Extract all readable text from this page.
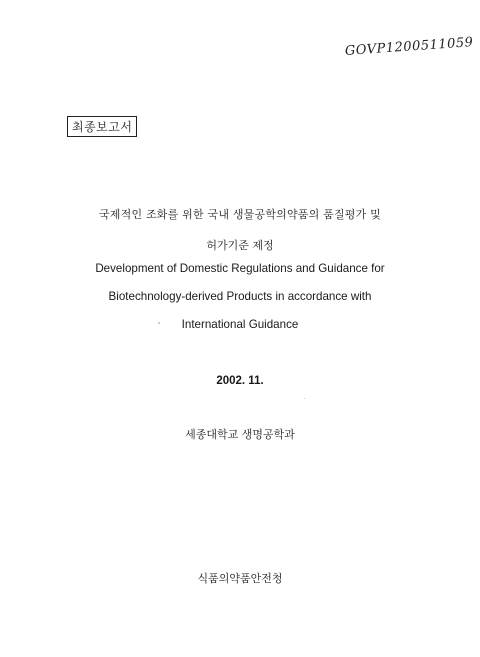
GOVP1200511059
최종보고서
국제적인 조화를 위한 국내 생물공학의약품의 품질평가 및
허가기준 제정
Development of Domestic Regulations and Guidance for
Biotechnology-derived Products in accordance with
International Guidance
2002. 11.
세종대학교 생명공학과
식품의약품안전청
